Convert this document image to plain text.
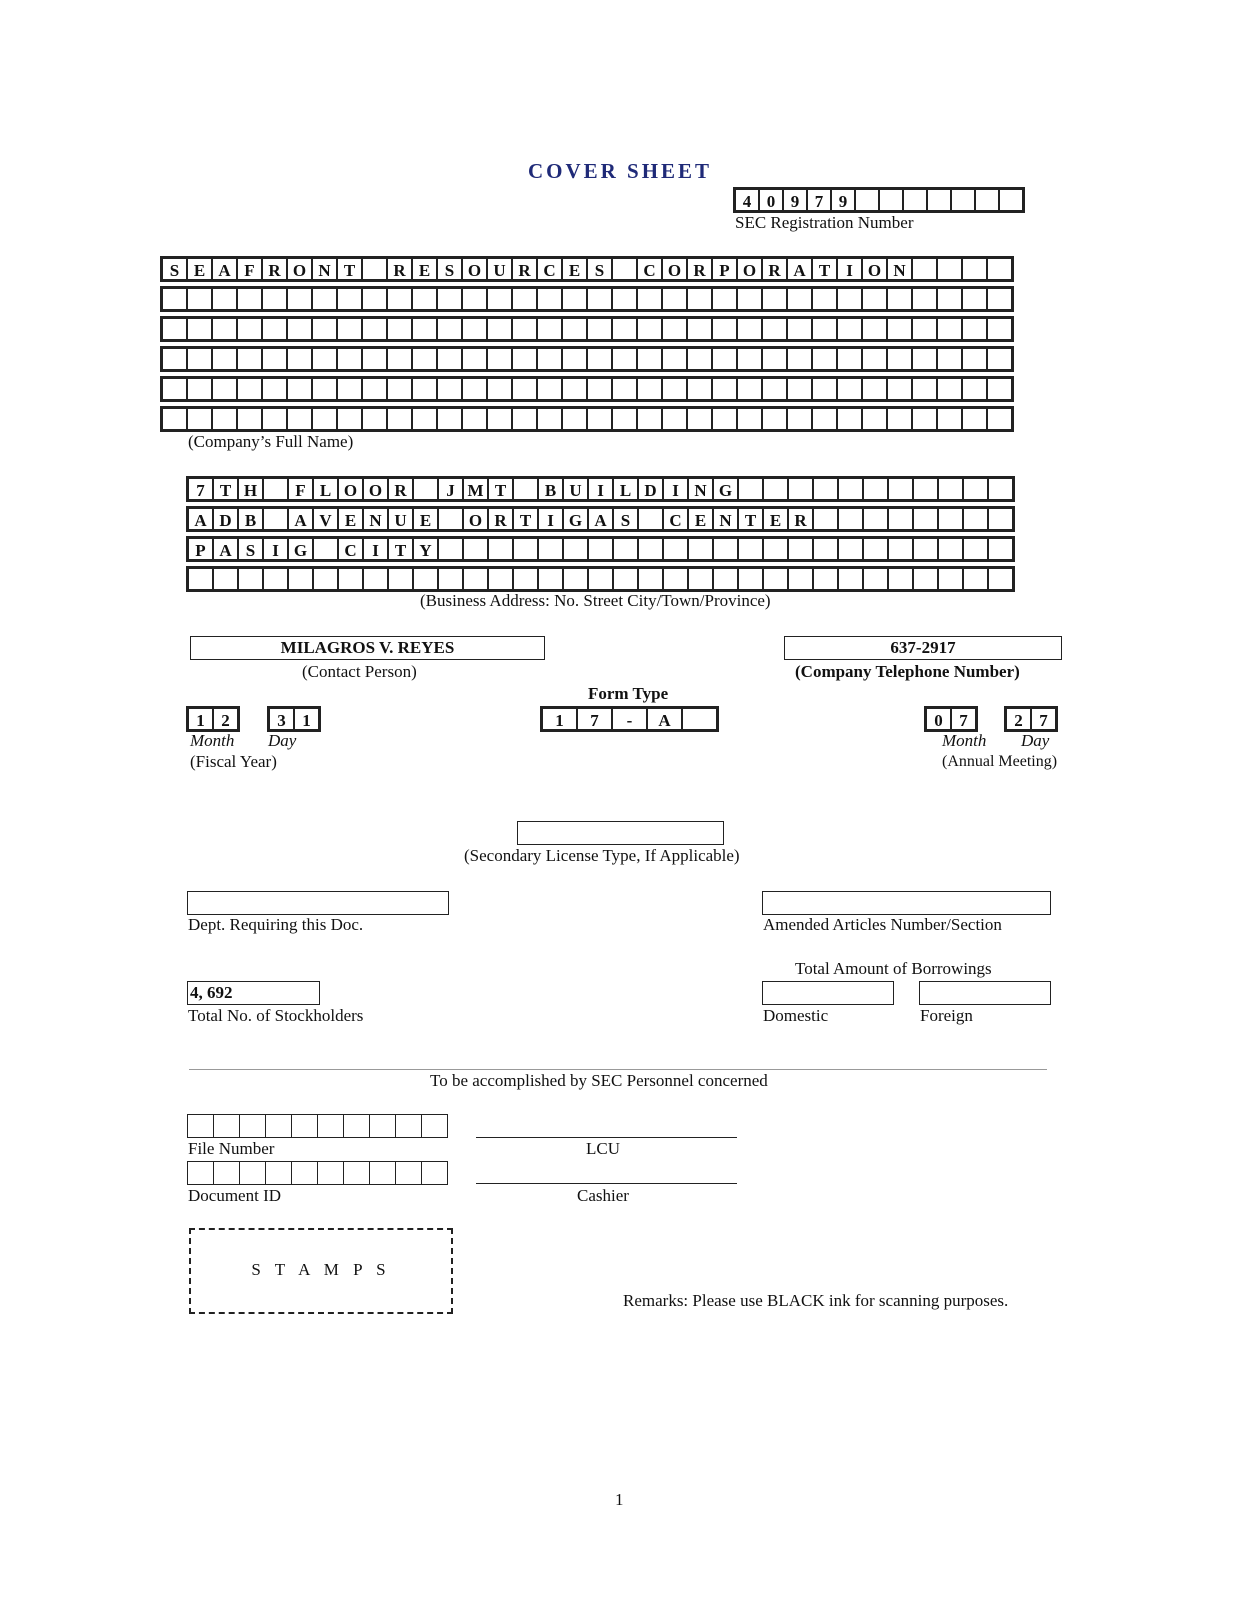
COVER SHEET
4 0 9 7 9
SEC Registration Number
S E A F R O N T	R E S O U R C E S	C O R P O R A T I O N
(Company’s Full Name)
7 T H	F L O O R	J M T	B U I L D I N G
A D B	A V E N U E	O R T I G A S	C E N T E R
P A S I G	C I T Y
(Business Address: No. Street City/Town/Province)
MILAGROS V. REYES
(Contact Person)
637-2917
(Company Telephone Number)
Form Type
1	7	-	A
1 2	3 1
Month Day
(Fiscal Year)
0 7	2 7
Month Day
(Annual Meeting)
(Secondary License Type, If Applicable)
Dept. Requiring this Doc.	Amended Articles Number/Section
Total Amount of Borrowings
Domestic	Foreign
4, 692
Total No. of Stockholders
To be accomplished by SEC Personnel concerned
File Number
Document ID
LCU
Cashier
S T A M P S
Remarks: Please use BLACK ink for scanning purposes.
1
